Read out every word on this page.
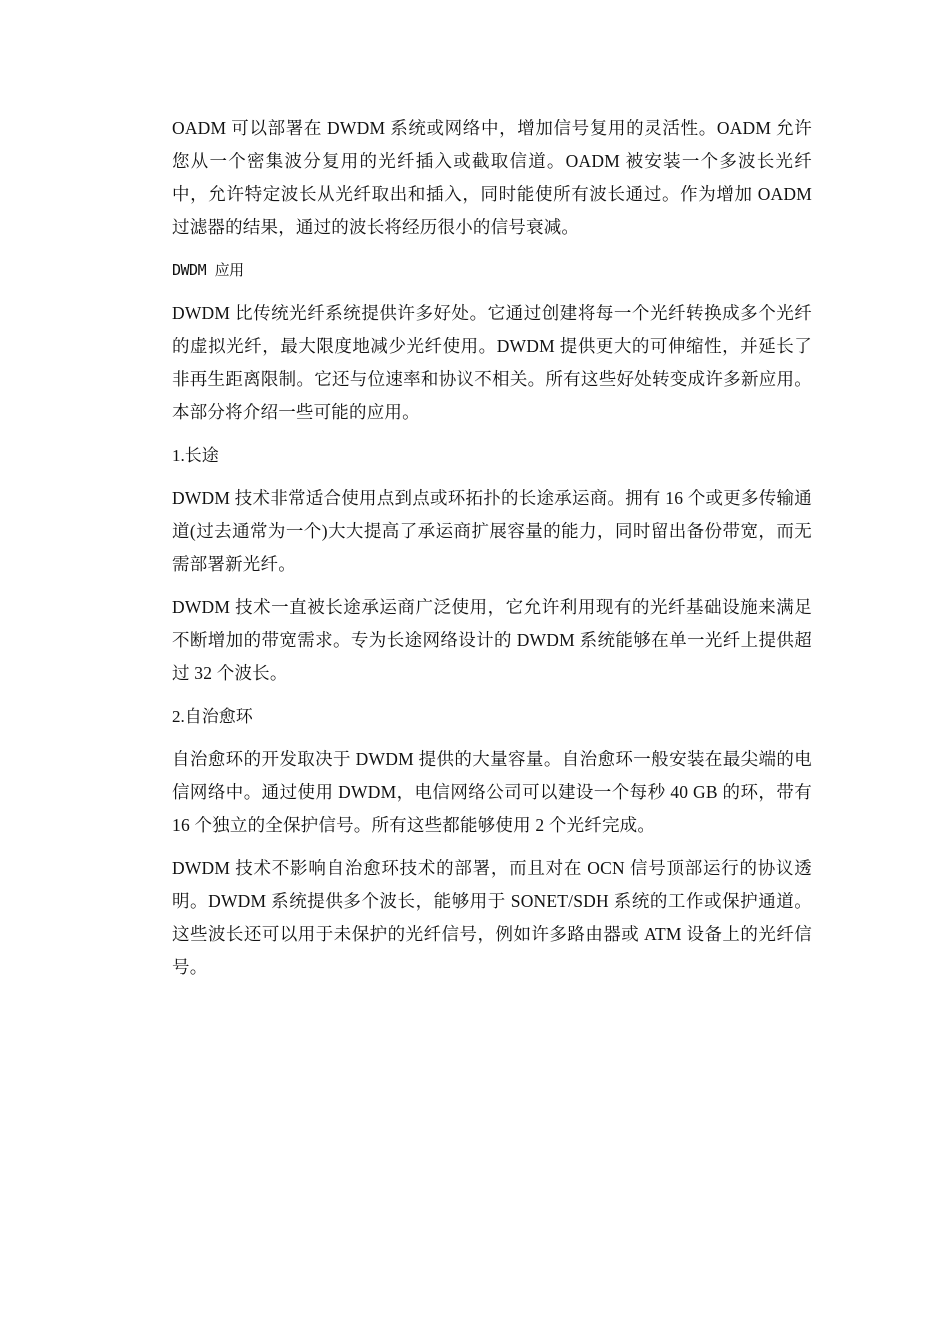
OADM 可以部署在 DWDM 系统或网络中，增加信号复用的灵活性。OADM 允许您从一个密集波分复用的光纤插入或截取信道。OADM 被安装一个多波长光纤中，允许特定波长从光纤取出和插入，同时能使所有波长通过。作为增加 OADM 过滤器的结果，通过的波长将经历很小的信号衰减。

DWDM 应用

DWDM 比传统光纤系统提供许多好处。它通过创建将每一个光纤转换成多个光纤的虚拟光纤，最大限度地减少光纤使用。DWDM 提供更大的可伸缩性，并延长了非再生距离限制。它还与位速率和协议不相关。所有这些好处转变成许多新应用。本部分将介绍一些可能的应用。

1.长途

DWDM 技术非常适合使用点到点或环拓扑的长途承运商。拥有 16 个或更多传输通道(过去通常为一个)大大提高了承运商扩展容量的能力，同时留出备份带宽，而无需部署新光纤。

DWDM 技术一直被长途承运商广泛使用，它允许利用现有的光纤基础设施来满足不断增加的带宽需求。专为长途网络设计的 DWDM 系统能够在单一光纤上提供超过 32 个波长。

2.自治愈环

自治愈环的开发取决于 DWDM 提供的大量容量。自治愈环一般安装在最尖端的电信网络中。通过使用 DWDM，电信网络公司可以建设一个每秒 40 GB 的环，带有 16 个独立的全保护信号。所有这些都能够使用 2 个光纤完成。

DWDM 技术不影响自治愈环技术的部署，而且对在 OCN 信号顶部运行的协议透明。DWDM 系统提供多个波长，能够用于 SONET/SDH 系统的工作或保护通道。这些波长还可以用于未保护的光纤信号，例如许多路由器或 ATM 设备上的光纤信号。
